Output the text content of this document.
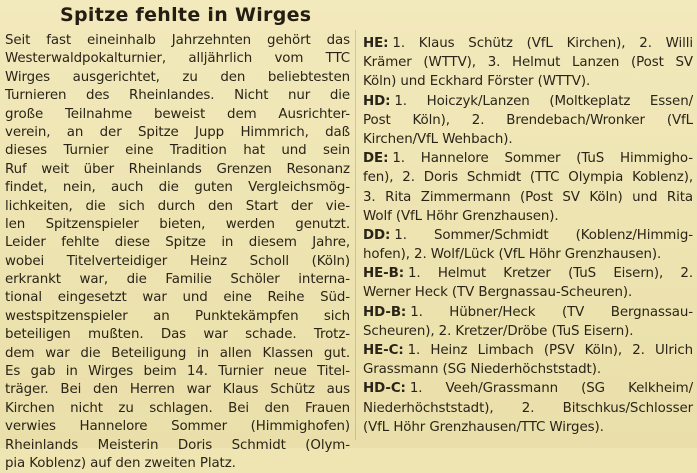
Spitze fehlte in Wirges
Seit fast eineinhalb Jahrzehnten gehört das
Westerwaldpokalturnier, alljährlich vom TTC
Wirges ausgerichtet, zu den beliebtesten
Turnieren des Rheinlandes. Nicht nur die
große Teilnahme beweist dem Ausrichter-
verein, an der Spitze Jupp Himmrich, daß
dieses Turnier eine Tradition hat und sein
Ruf weit über Rheinlands Grenzen Resonanz
findet, nein, auch die guten Vergleichsmög-
lichkeiten, die sich durch den Start der vie-
len Spitzenspieler bieten, werden genutzt.
Leider fehlte diese Spitze in diesem Jahre,
wobei Titelverteidiger Heinz Scholl (Köln)
erkrankt war, die Familie Schöler interna-
tional eingesetzt war und eine Reihe Süd-
westspitzenspieler an Punktekämpfen sich
beteiligen mußten. Das war schade. Trotz-
dem war die Beteiligung in allen Klassen gut.
Es gab in Wirges beim 14. Turnier neue Titel-
träger. Bei den Herren war Klaus Schütz aus
Kirchen nicht zu schlagen. Bei den Frauen
verwies Hannelore Sommer (Himmighofen)
Rheinlands Meisterin Doris Schmidt (Olym-
pia Koblenz) auf den zweiten Platz.
HE: 1. Klaus Schütz (VfL Kirchen), 2. Willi
Krämer (WTTV), 3. Helmut Lanzen (Post SV
Köln) und Eckhard Förster (WTTV).
HD: 1. Hoiczyk/Lanzen (Moltkeplatz Essen/
Post Köln), 2. Brendebach/Wronker (VfL
Kirchen/VfL Wehbach).
DE: 1. Hannelore Sommer (TuS Himmigho-
fen), 2. Doris Schmidt (TTC Olympia Koblenz),
3. Rita Zimmermann (Post SV Köln) und Rita
Wolf (VfL Höhr Grenzhausen).
DD: 1. Sommer/Schmidt (Koblenz/Himmig-
hofen), 2. Wolf/Lück (VfL Höhr Grenzhausen).
HE-B: 1. Helmut Kretzer (TuS Eisern), 2.
Werner Heck (TV Bergnassau-Scheuren).
HD-B: 1. Hübner/Heck (TV Bergnassau-
Scheuren), 2. Kretzer/Dröbe (TuS Eisern).
HE-C: 1. Heinz Limbach (PSV Köln), 2. Ulrich
Grassmann (SG Niederhöchststadt).
HD-C: 1. Veeh/Grassmann (SG Kelkheim/
Niederhöchststadt), 2. Bitschkus/Schlosser
(VfL Höhr Grenzhausen/TTC Wirges).
